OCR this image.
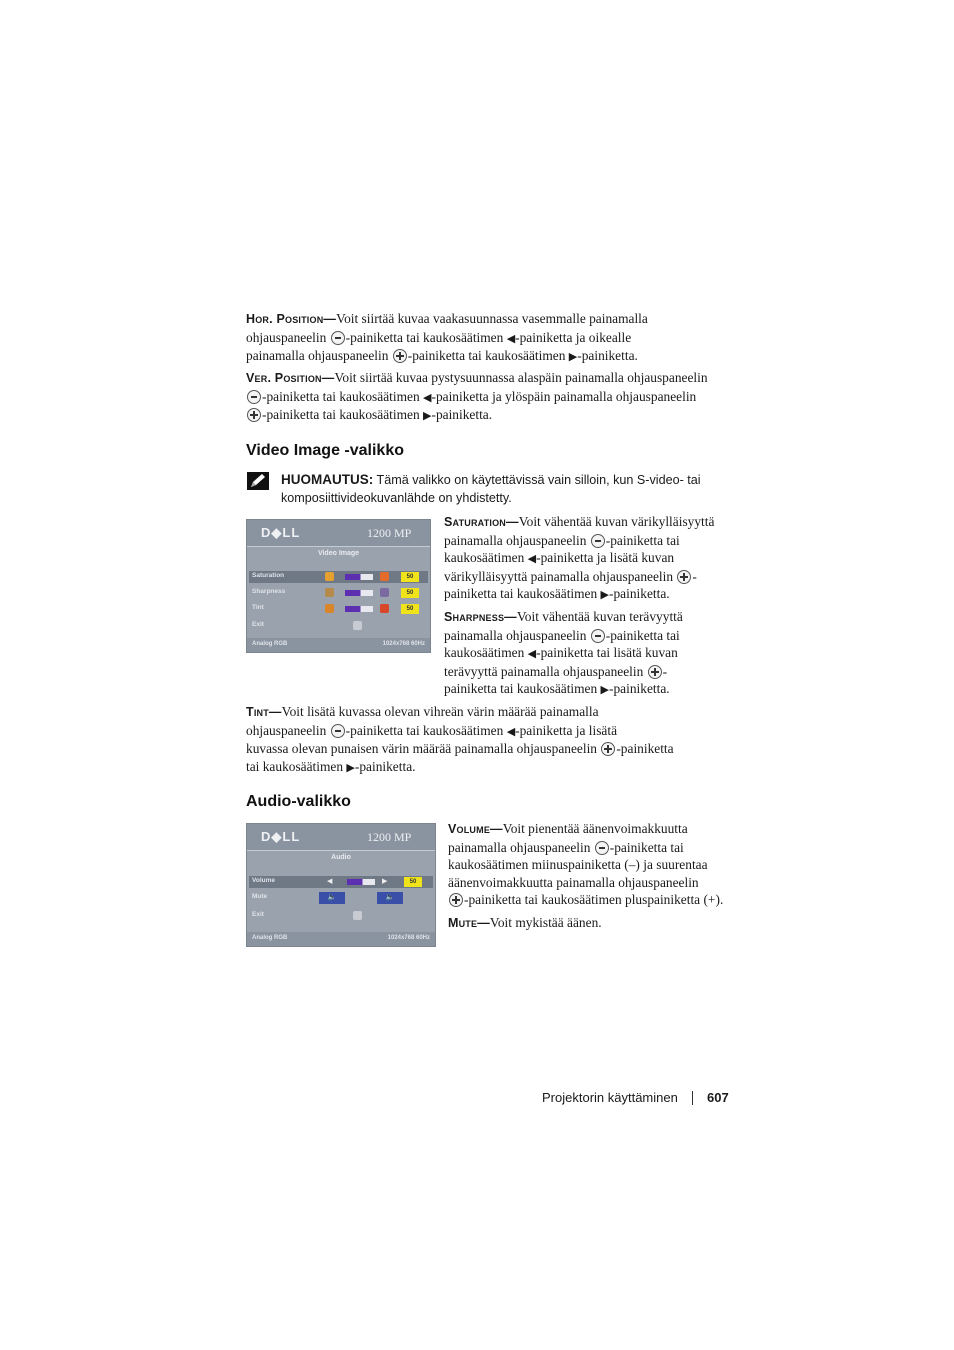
Hor. Position—Voit siirtää kuvaa vaakasuunnassa vasemmalle painamalla
ohjauspaneelin -painiketta tai kaukosäätimen ◀-painiketta ja oikealle
painamalla ohjauspaneelin -painiketta tai kaukosäätimen ▶-painiketta.
Ver. Position—Voit siirtää kuvaa pystysuunnassa alaspäin painamalla ohjauspaneelin
-painiketta tai kaukosäätimen ◀-painiketta ja ylöspäin painamalla ohjauspaneelin
-painiketta tai kaukosäätimen ▶-painiketta.
Video Image -valikko
HUOMAUTUS: Tämä valikko on käytettävissä vain silloin, kun S-video- tai
komposiittivideokuvanlähde on yhdistetty.
D◆LL	1200 MP
Video Image
Saturation	50
Sharpness	50
Tint	50
Exit
Analog RGB	1024x768 60Hz
Saturation—Voit vähentää kuvan värikylläisyyttä
painamalla ohjauspaneelin -painiketta tai
kaukosäätimen ◀-painiketta ja lisätä kuvan
värikylläisyyttä painamalla ohjauspaneelin -
painiketta tai kaukosäätimen ▶-painiketta.
Sharpness—Voit vähentää kuvan terävyyttä
painamalla ohjauspaneelin -painiketta tai
kaukosäätimen ◀-painiketta tai lisätä kuvan
terävyyttä painamalla ohjauspaneelin -
painiketta tai kaukosäätimen ▶-painiketta.
Tint—Voit lisätä kuvassa olevan vihreän värin määrää painamalla
ohjauspaneelin -painiketta tai kaukosäätimen ◀-painiketta ja lisätä
kuvassa olevan punaisen värin määrää painamalla ohjauspaneelin -painiketta
tai kaukosäätimen ▶-painiketta.
Audio-valikko
D◆LL	1200 MP
Audio
Volume	◀	▶	50
Mute	🔈	🔈
Exit
Analog RGB	1024x768 60Hz
Volume—Voit pienentää äänenvoimakkuutta
painamalla ohjauspaneelin -painiketta tai
kaukosäätimen miinuspainiketta (–) ja suurentaa
äänenvoimakkuutta painamalla ohjauspaneelin
-painiketta tai kaukosäätimen pluspainiketta (+).
Mute—Voit mykistää äänen.
Projektorin käyttäminen 607
